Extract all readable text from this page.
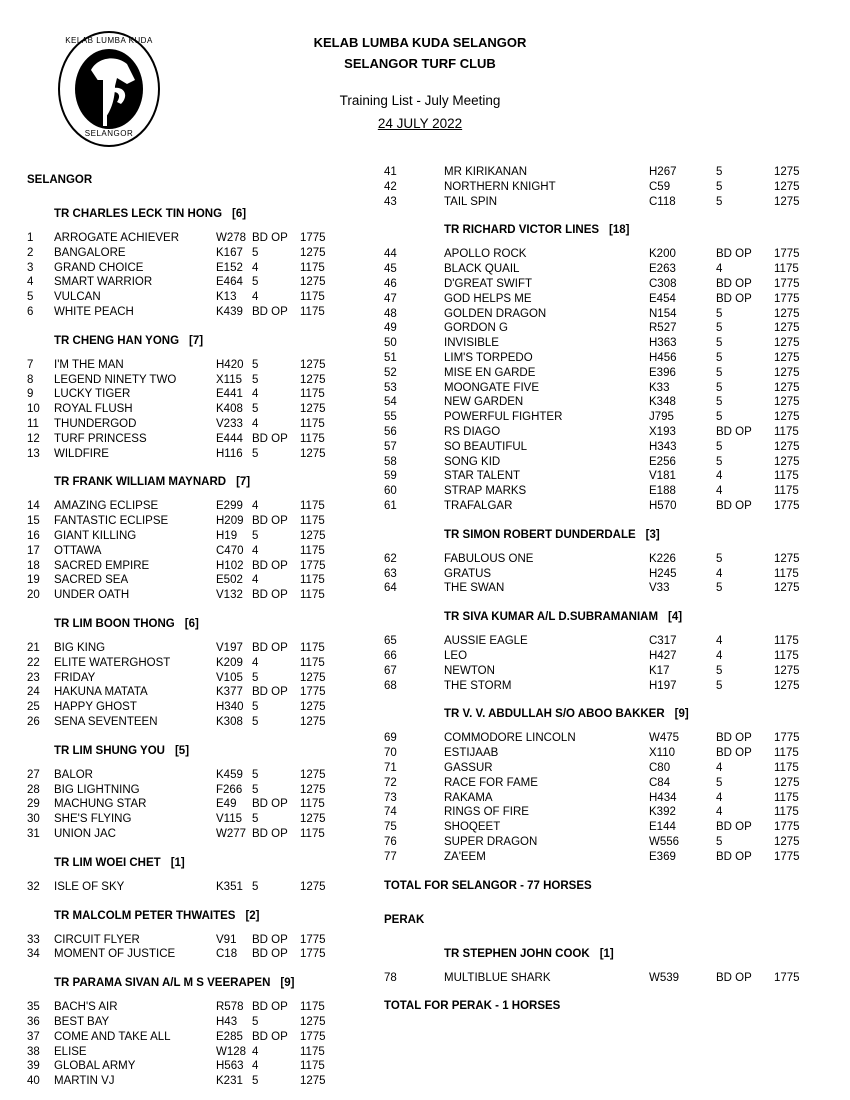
KELAB LUMBA KUDA
SELANGOR
KELAB LUMBA KUDA SELANGOR
SELANGOR TURF CLUB
Training List - July Meeting
24 JULY 2022
SELANGOR
TR CHARLES LECK TIN HONG [6]
1 ARROGATE ACHIEVER	W278 BD OP 1775
2 BANGALORE	K167 5	1275
3 GRAND CHOICE	E152 4	1175
4 SMART WARRIOR	E464 5	1275
5 VULCAN	K13 4	1175
6 WHITE PEACH	K439 BD OP 1175
TR CHENG HAN YONG [7]
7 I'M THE MAN	H420 5	1275
8 LEGEND NINETY TWO	X115 5	1275
9 LUCKY TIGER	E441 4	1175
10 ROYAL FLUSH	K408 5	1275
11 THUNDERGOD	V233 4	1175
12 TURF PRINCESS	E444 BD OP 1175
13 WILDFIRE	H116 5	1275
TR FRANK WILLIAM MAYNARD [7]
14 AMAZING ECLIPSE	E299 4	1175
15 FANTASTIC ECLIPSE	H209 BD OP 1175
16 GIANT KILLING	H19 5	1275
17 OTTAWA	C470 4	1175
18 SACRED EMPIRE	H102 BD OP 1775
19 SACRED SEA	E502 4	1175
20 UNDER OATH	V132 BD OP 1175
TR LIM BOON THONG [6]
21 BIG KING	V197 BD OP 1175
22 ELITE WATERGHOST	K209 4	1175
23 FRIDAY	V105 5	1275
24 HAKUNA MATATA	K377 BD OP 1775
25 HAPPY GHOST	H340 5	1275
26 SENA SEVENTEEN	K308 5	1275
TR LIM SHUNG YOU [5]
27 BALOR	K459 5	1275
28 BIG LIGHTNING	F266 5	1275
29 MACHUNG STAR	E49 BD OP 1175
30 SHE'S FLYING	V115 5	1275
31 UNION JAC	W277 BD OP 1175
TR LIM WOEI CHET [1]
32 ISLE OF SKY	K351 5	1275
TR MALCOLM PETER THWAITES [2]
33 CIRCUIT FLYER	V91 BD OP 1775
34 MOMENT OF JUSTICE	C18 BD OP 1775
TR PARAMA SIVAN A/L M S VEERAPEN [9]
35 BACH'S AIR	R578 BD OP 1175
36 BEST BAY	H43 5	1275
37 COME AND TAKE ALL	E285 BD OP 1775
38 ELISE	W128 4	1175
39 GLOBAL ARMY	H563 4	1175
40 MARTIN VJ	K231 5	1275
41	MR KIRIKANAN	H267	5	1275
42	NORTHERN KNIGHT	C59	5	1275
43	TAIL SPIN	C118	5	1275
TR RICHARD VICTOR LINES [18]
44	APOLLO ROCK	K200	BD OP 1775
45	BLACK QUAIL	E263	4	1175
46	D'GREAT SWIFT	C308	BD OP 1775
47	GOD HELPS ME	E454	BD OP 1775
48	GOLDEN DRAGON	N154	5	1275
49	GORDON G	R527	5	1275
50	INVISIBLE	H363	5	1275
51	LIM'S TORPEDO	H456	5	1275
52	MISE EN GARDE	E396	5	1275
53	MOONGATE FIVE	K33	5	1275
54	NEW GARDEN	K348	5	1275
55	POWERFUL FIGHTER	J795	5	1275
56	RS DIAGO	X193	BD OP 1175
57	SO BEAUTIFUL	H343	5	1275
58	SONG KID	E256	5	1275
59	STAR TALENT	V181	4	1175
60	STRAP MARKS	E188	4	1175
61	TRAFALGAR	H570	BD OP 1775
TR SIMON ROBERT DUNDERDALE [3]
62	FABULOUS ONE	K226	5	1275
63	GRATUS	H245	4	1175
64	THE SWAN	V33	5	1275
TR SIVA KUMAR A/L D.SUBRAMANIAM [4]
65	AUSSIE EAGLE	C317	4	1175
66	LEO	H427	4	1175
67	NEWTON	K17	5	1275
68	THE STORM	H197	5	1275
TR V. V. ABDULLAH S/O ABOO BAKKER [9]
69	COMMODORE LINCOLN	W475	BD OP 1775
70	ESTIJAAB	X110	BD OP 1175
71	GASSUR	C80	4	1175
72	RACE FOR FAME	C84	5	1275
73	RAKAMA	H434	4	1175
74	RINGS OF FIRE	K392	4	1175
75	SHOQEET	E144	BD OP 1775
76	SUPER DRAGON	W556	5	1275
77	ZA'EEM	E369	BD OP 1775
TOTAL FOR SELANGOR - 77 HORSES
PERAK
TR STEPHEN JOHN COOK [1]
78	MULTIBLUE SHARK	W539	BD OP 1775
TOTAL FOR PERAK - 1 HORSES
